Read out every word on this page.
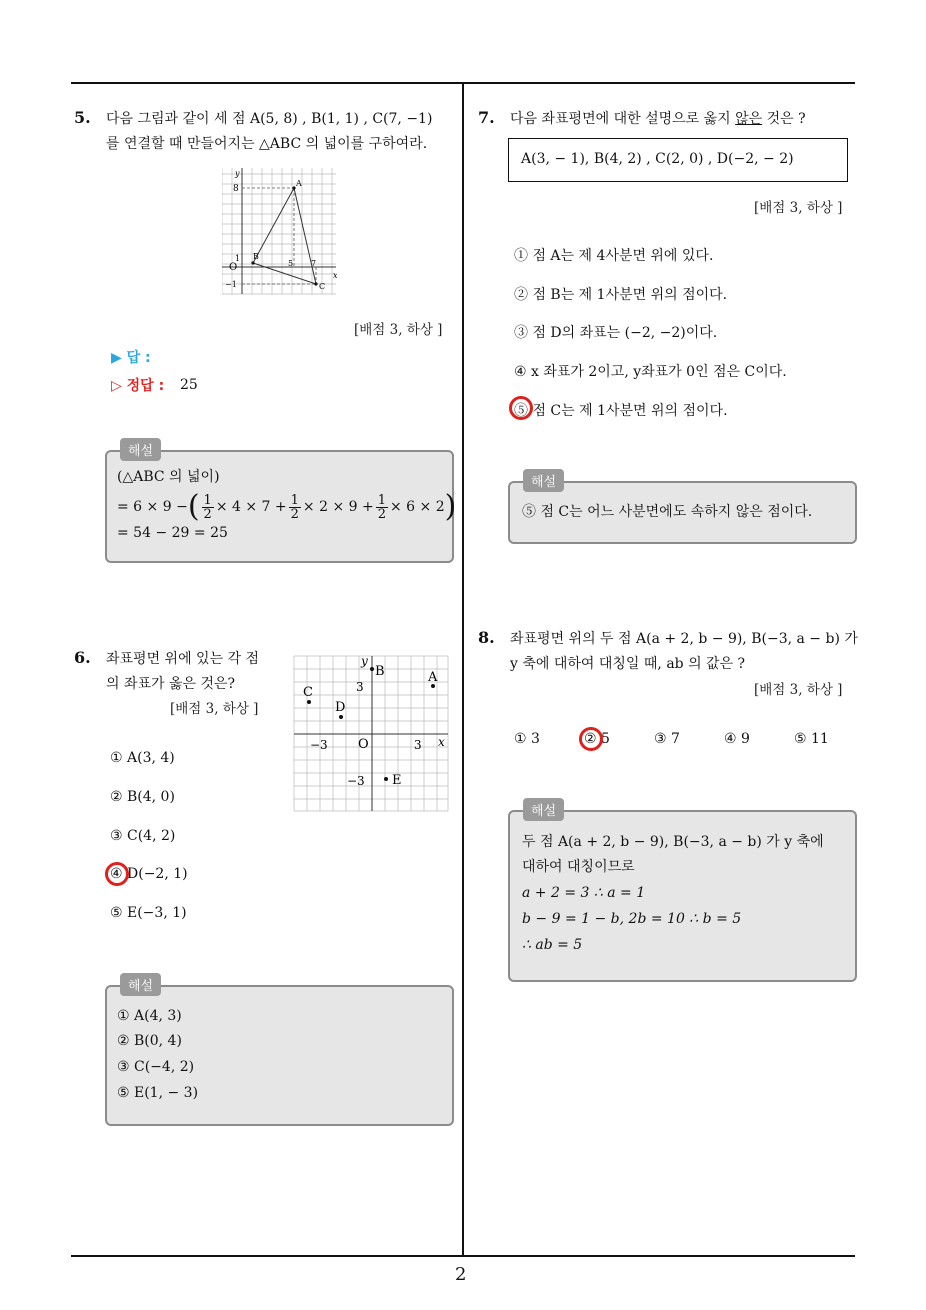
2
5. 다음 그림과 같이 세 점 A(5, 8) , B(1, 1) , C(7, −1)
를 연결할 때 만들어지는 △ABC 의 넓이를 구하여라.
y
x
8
1
−1
O	5 7
A
B
C
[배점 3, 하상 ]
▶ 답 :
▷ 정답 : 25
해설
(△ABC 의 넓이)
= 6 × 9 −( $\frac{1}{2} \times 4 \times 7 + \frac{1}{2} \times 2 \times 9 + \frac{1}{2} \times 6 \times 2$)
= 54 − 29 = 25
6. 좌표평면 위에 있는 각 점
의 좌표가 옳은 것은?
[배점 3, 하상 ]
y
x
3
−3 O	3
−3
A
B
C
D
E
① A(3, 4)
② B(4, 0)
③ C(4, 2)
④ D(−2, 1)
⑤ E(−3, 1)
해설
① A(4, 3)
② B(0, 4)
③ C(−4, 2)
⑤ E(1, − 3)
7. 다음 좌표평면에 대한 설명으로 옳지 않은 것은 ?
A(3, − 1), B(4, 2) , C(2, 0) , D(−2, − 2)
[배점 3, 하상 ]
① 점 A는 제 4사분면 위에 있다.
② 점 B는 제 1사분면 위의 점이다.
③ 점 D의 좌표는 (−2, −2)이다.
④ x 좌표가 2이고, y좌표가 0인 점은 C이다.
⑤ 점 C는 제 1사분면 위의 점이다.
해설
⑤ 점 C는 어느 사분면에도 속하지 않은 점이다.
8. 좌표평면 위의 두 점 A(a + 2, b − 9), B(−3, a − b) 가
y 축에 대하여 대칭일 때, ab 의 값은 ?
[배점 3, 하상 ]
① 3	② 5	③ 7	④ 9	⑤ 11
해설
두 점 A(a + 2, b − 9), B(−3, a − b) 가 y 축에
대하여 대칭이므로
a + 2 = 3 ∴ a = 1
b − 9 = 1 − b, 2b = 10 ∴ b = 5
∴ ab = 5
